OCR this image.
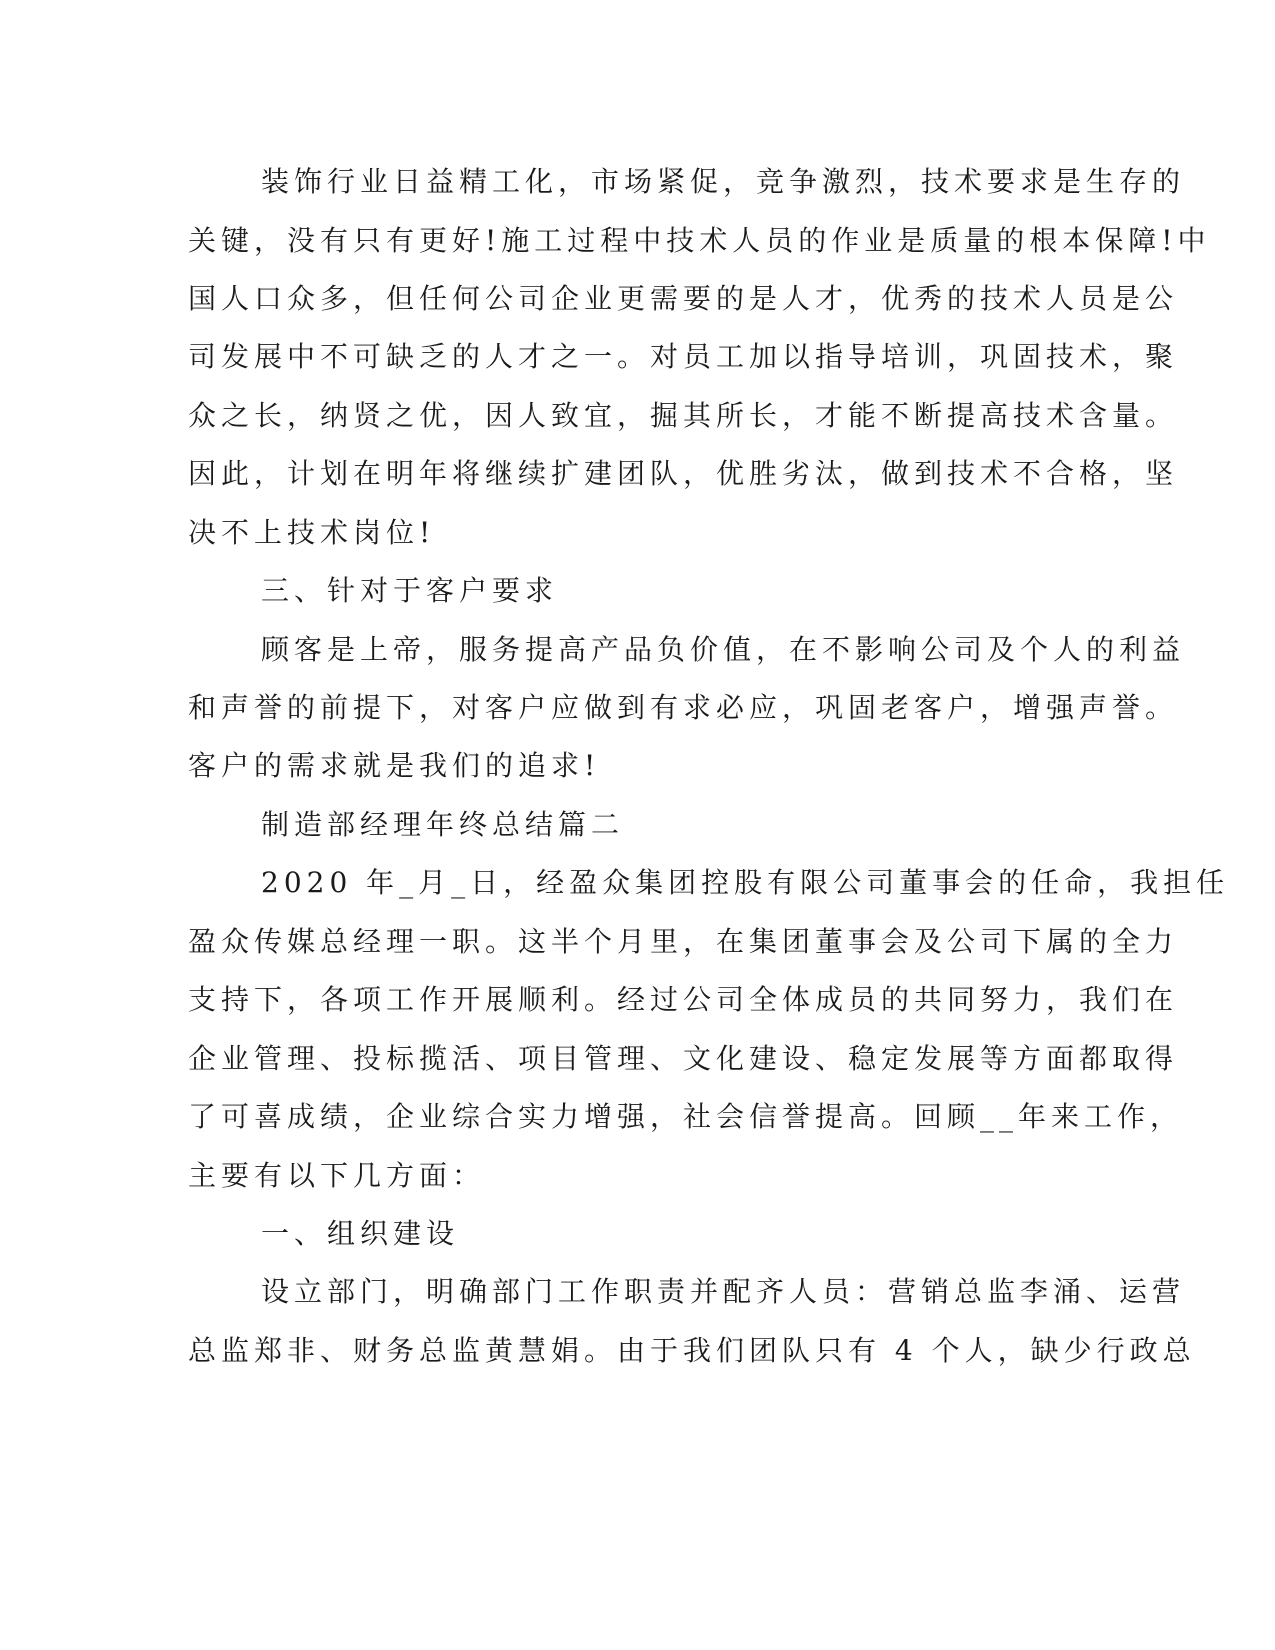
装饰行业日益精工化，市场紧促，竞争激烈，技术要求是生存的
关键，没有只有更好!施工过程中技术人员的作业是质量的根本保障!中
国人口众多，但任何公司企业更需要的是人才，优秀的技术人员是公
司发展中不可缺乏的人才之一。对员工加以指导培训，巩固技术，聚
众之长，纳贤之优，因人致宜，掘其所长，才能不断提高技术含量。
因此，计划在明年将继续扩建团队，优胜劣汰，做到技术不合格，坚
决不上技术岗位!
三、针对于客户要求
顾客是上帝，服务提高产品负价值，在不影响公司及个人的利益
和声誉的前提下，对客户应做到有求必应，巩固老客户，增强声誉。
客户的需求就是我们的追求!
制造部经理年终总结篇二
2020 年_月_日，经盈众集团控股有限公司董事会的任命，我担任
盈众传媒总经理一职。这半个月里，在集团董事会及公司下属的全力
支持下，各项工作开展顺利。经过公司全体成员的共同努力，我们在
企业管理、投标揽活、项目管理、文化建设、稳定发展等方面都取得
了可喜成绩，企业综合实力增强，社会信誉提高。回顾__年来工作，
主要有以下几方面：
一、组织建设
设立部门，明确部门工作职责并配齐人员：营销总监李涌、运营
总监郑非、财务总监黄慧娟。由于我们团队只有 4 个人，缺少行政总
